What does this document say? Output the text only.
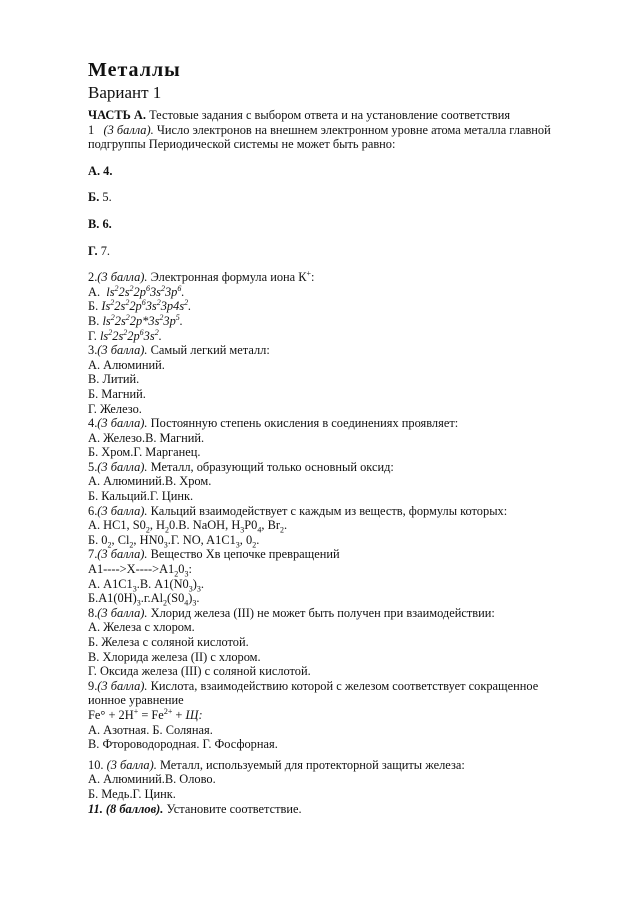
Металлы
Вариант 1
ЧАСТЬ А. Тестовые задания с выбором ответа и на установление соответствия
1 (3 балла). Число электронов на внешнем электронном уровне атома металла главной
подгруппы Периодической системы не может быть равно:
А. 4.
Б. 5.
В. 6.
Г. 7.
2.(3 балла). Электронная формула иона К+:
А. $ls^22s^22p^63s^23p^6$.
Б. $Is^22s^22p^63s^23p4s^2$.
В. $ls^22s^22p*3s^23p^5$.
Г. $ls^22s^22p^63s^2$.
3.(3 балла). Самый легкий металл:
А. Алюминий.
В. Литий.
Б. Магний.
Г. Железо.
4.(3 балла). Постоянную степень окисления в соединениях проявляет:
А. Железо.В. Магний.
Б. Хром.Г. Марганец.
5.(3 балла). Металл, образующий только основный оксид:
А. Алюминий.В. Хром.
Б. Кальций.Г. Цинк.
6.(3 балла). Кальций взаимодействует с каждым из веществ, формулы которых:
А. НС1, $S0_2$, $H_20.В$. NaOH, $H_3P0_4$, $Br_2$.
Б. $0_2$, $Cl_2$, $HN0_3.Г$. NO, $A1C1_3$, $0_2$.
7.(3 балла). Вещество Хв цепочке превращений
$A1---->X---->A1_20_3$:
А. $А1С1_3.В$. $A1(N0_3)_3$.
$Б.А1(0H)_3.г.Al_2(S0_4)_3$.
8.(3 балла). Хлорид железа (III) не может быть получен при взаимодействии:
А. Железа с хлором.
Б. Железа с соляной кислотой.
В. Хлорида железа (II) с хлором.
Г. Оксида железа (III) с соляной кислотой.
9.(3 балла). Кислота, взаимодействию которой с железом соответствует сокращенное
ионное уравнение
$Fe^\circ + 2Н^+ = Fe^{2+} + Щ$:
А. Азотная. Б. Соляная.
В. Фтороводородная. Г. Фосфорная.
10. (3 балла). Металл, используемый для протекторной защиты железа:
А. Алюминий.В. Олово.
Б. Медь.Г. Цинк.
11. (8 баллов). Установите соответствие.
